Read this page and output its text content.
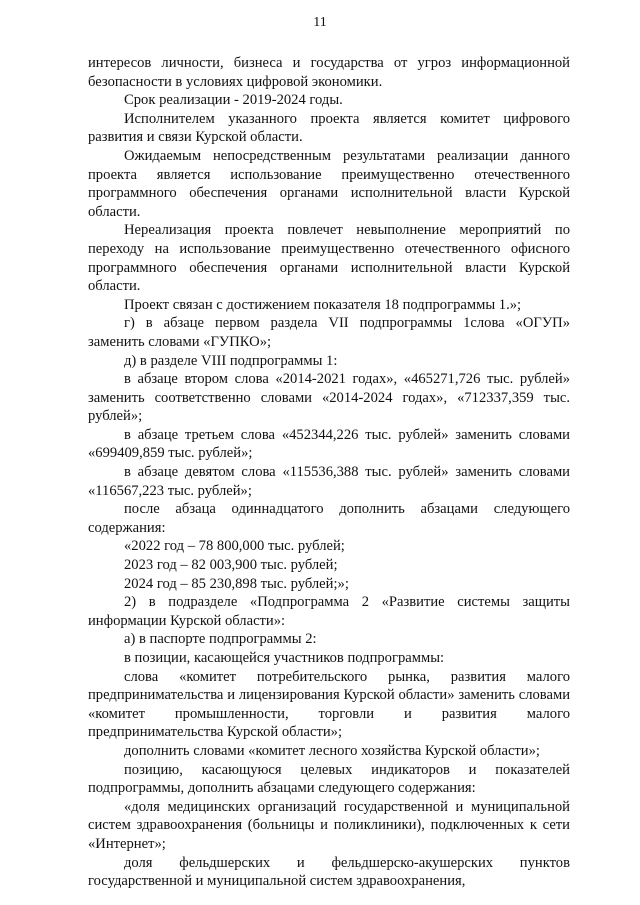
11

интересов личности, бизнеса и государства от угроз информационной безопасности в условиях цифровой экономики.

Срок реализации - 2019-2024 годы.

Исполнителем указанного проекта является комитет цифрового развития и связи Курской области.

Ожидаемым непосредственным результатами реализации данного проекта является использование преимущественно отечественного программного обеспечения органами исполнительной власти Курской области.

Нереализация проекта повлечет невыполнение мероприятий по переходу на использование преимущественно отечественного офисного программного обеспечения органами исполнительной власти Курской области.

Проект связан с достижением показателя 18 подпрограммы 1.»;

г) в абзаце первом раздела VII подпрограммы 1слова «ОГУП» заменить словами «ГУПКО»;

д) в разделе VIII подпрограммы 1:

в абзаце втором слова «2014-2021 годах», «465271,726 тыс. рублей» заменить соответственно словами «2014-2024 годах», «712337,359 тыс. рублей»;

в абзаце третьем слова «452344,226 тыс. рублей» заменить словами «699409,859 тыс. рублей»;

в абзаце девятом слова «115536,388 тыс. рублей» заменить словами «116567,223 тыс. рублей»;

после абзаца одиннадцатого дополнить абзацами следующего содержания:

«2022 год – 78 800,000 тыс. рублей;

2023 год – 82 003,900 тыс. рублей;

2024 год – 85 230,898 тыс. рублей;»;

2) в подразделе «Подпрограмма 2 «Развитие системы защиты информации Курской области»:

а) в паспорте подпрограммы 2:

в позиции, касающейся участников подпрограммы:

слова «комитет потребительского рынка, развития малого предпринимательства и лицензирования Курской области» заменить словами «комитет промышленности, торговли и развития малого предпринимательства Курской области»;

дополнить словами «комитет лесного хозяйства Курской области»;

позицию, касающуюся целевых индикаторов и показателей подпрограммы, дополнить абзацами следующего содержания:

«доля медицинских организаций государственной и муниципальной систем здравоохранения (больницы и поликлиники), подключенных к сети «Интернет»;

доля фельдшерских и фельдшерско-акушерских пунктов государственной и муниципальной систем здравоохранения,
